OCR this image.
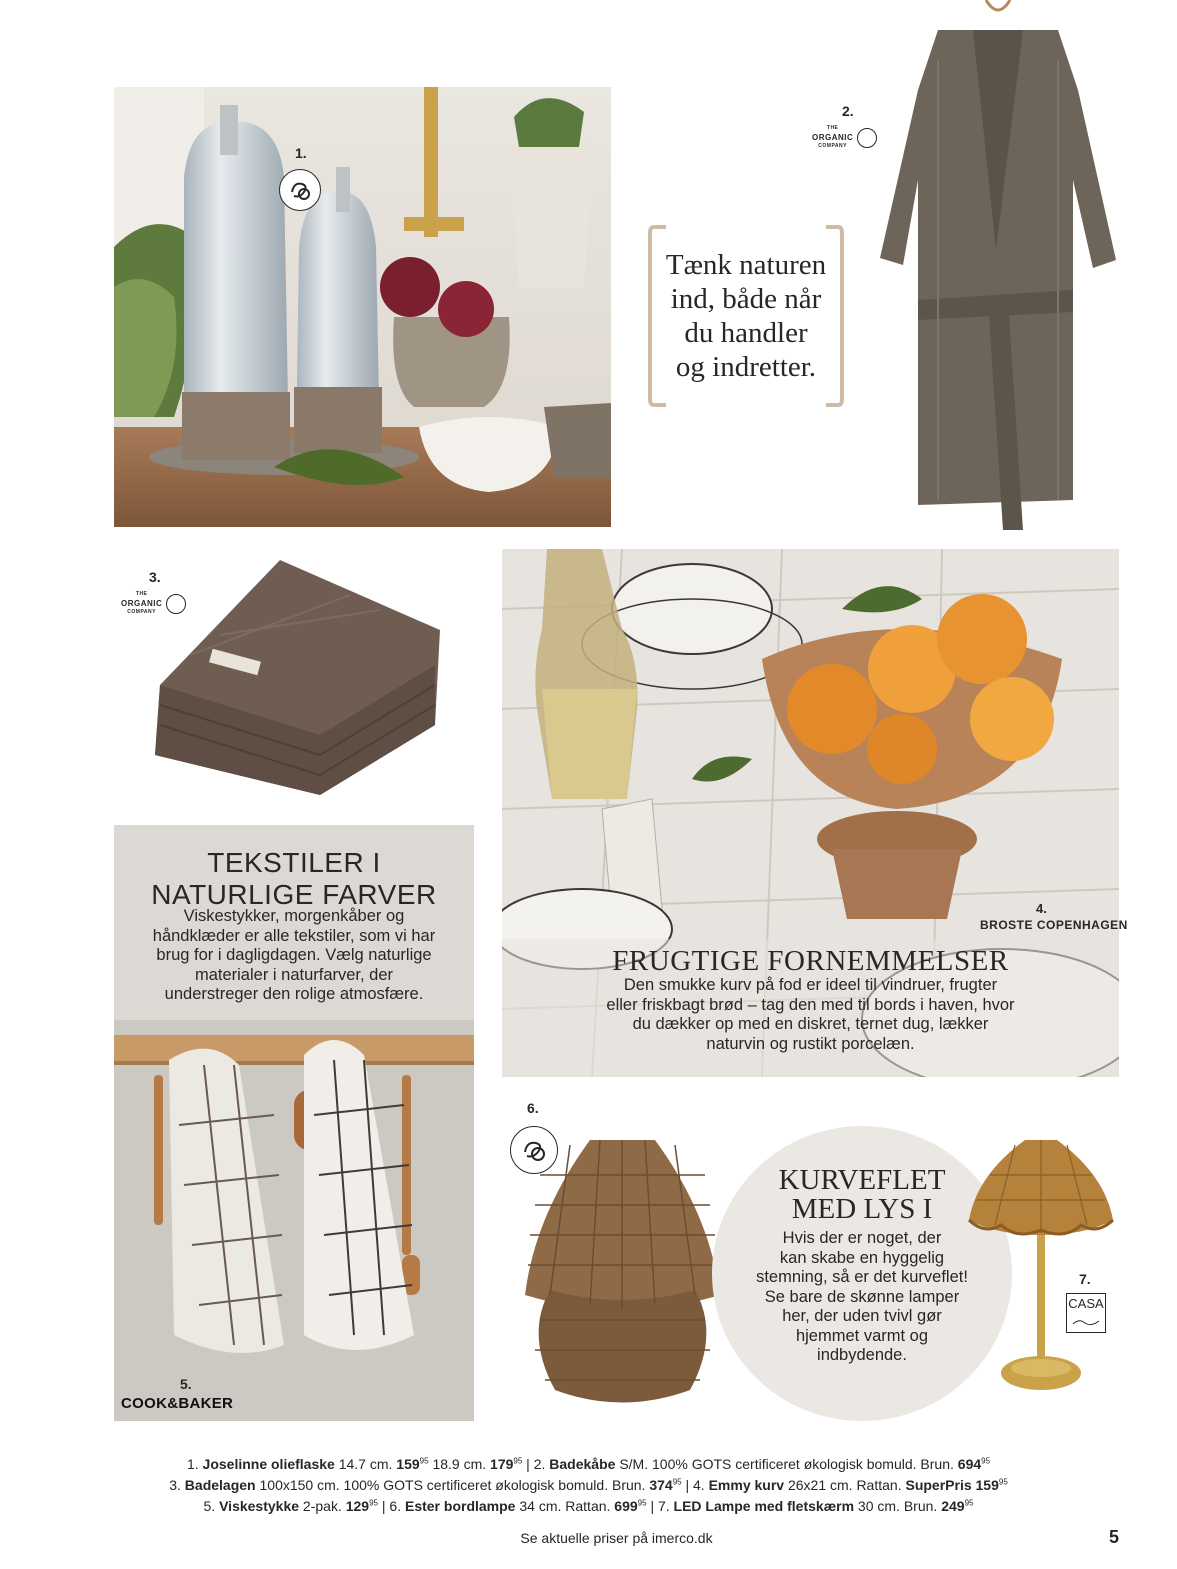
1.
Tænk naturen
ind, både når
du handler
og indretter.
2.
THE
ORGANIC
COMPANY
3.
THE
ORGANIC
COMPANY
4.
BROSTE COPENHAGEN
FRUGTIGE FORNEMMELSER
Den smukke kurv på fod er ideel til vindruer, frugter
eller friskbagt brød – tag den med til bords i haven, hvor
du dækker op med en diskret, ternet dug, lækker
naturvin og rustikt porcelæn.
TEKSTILER I
NATURLIGE FARVER
Viskestykker, morgenkåber og
håndklæder er alle tekstiler, som vi har
brug for i dagligdagen. Vælg naturlige
materialer i naturfarver, der
understreger den rolige atmosfære.
5.
COOK&BAKER
6.
KURVEFLET
MED LYS I
Hvis der er noget, der
kan skabe en hyggelig
stemning, så er det kurveflet!
Se bare de skønne lamper
her, der uden tvivl gør
hjemmet varmt og
indbydende.
7.
CASA
1. Joselinne olieflaske 14.7 cm. $159^{95}$ 18.9 cm. $179^{95}$ | 2. Badekåbe S/M. 100% GOTS certificeret økologisk bomuld. Brun. $694^{95}$
3. Badelagen 100x150 cm. 100% GOTS certificeret økologisk bomuld. Brun. $374^{95}$ | 4. Emmy kurv 26x21 cm. Rattan. SuperPris $159^{95}$
5. Viskestykke 2-pak. $129^{95}$ | 6. Ester bordlampe 34 cm. Rattan. $699^{95}$ | 7. LED Lampe med fletskærm 30 cm. Brun. $249^{95}$
Se aktuelle priser på imerco.dk	5
